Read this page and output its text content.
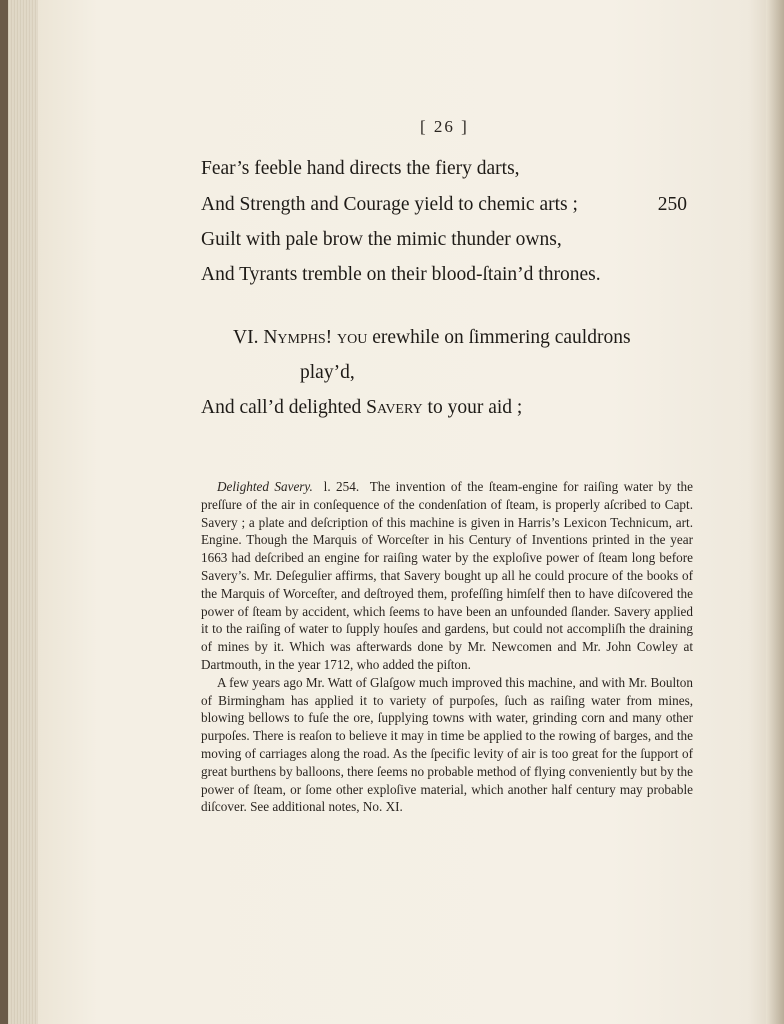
[ 26 ]
Fear’s feeble hand directs the fiery darts,
And Strength and Courage yield to chemic arts ;	250
Guilt with pale brow the mimic thunder owns,
And Tyrants tremble on their blood-ſtain’d thrones.
VI. Nymphs! you erewhile on ſimmering cauldrons
play’d,
And call’d delighted Savery to your aid ;

Delighted Savery. l. 254. The invention of the ſteam-engine for raiſing water by the preſſure of the air in conſequence of the condenſation of ſteam, is properly aſcribed to Capt. Savery ; a plate and deſcription of this machine is given in Harris’s Lexicon Technicum, art. Engine. Though the Marquis of Worceſter in his Century of Inventions printed in the year 1663 had deſcribed an engine for raiſing water by the exploſive power of ſteam long before Savery’s. Mr. Deſegulier affirms, that Savery bought up all he could procure of the books of the Marquis of Worceſter, and deſtroyed them, profeſſing himſelf then to have diſcovered the power of ſteam by accident, which ſeems to have been an unfounded ſlander. Savery applied it to the raiſing of water to ſupply houſes and gardens, but could not accompliſh the draining of mines by it. Which was afterwards done by Mr. Newcomen and Mr. John Cowley at Dartmouth, in the year 1712, who added the piſton.

A few years ago Mr. Watt of Glaſgow much improved this machine, and with Mr. Boulton of Birmingham has applied it to variety of purpoſes, ſuch as raiſing water from mines, blowing bellows to fuſe the ore, ſupplying towns with water, grinding corn and many other purpoſes. There is reaſon to believe it may in time be applied to the rowing of barges, and the moving of carriages along the road. As the ſpecific levity of air is too great for the ſupport of great burthens by balloons, there ſeems no probable method of flying conveniently but by the power of ſteam, or ſome other exploſive material, which another half century may probable diſcover. See additional notes, No. XI.
